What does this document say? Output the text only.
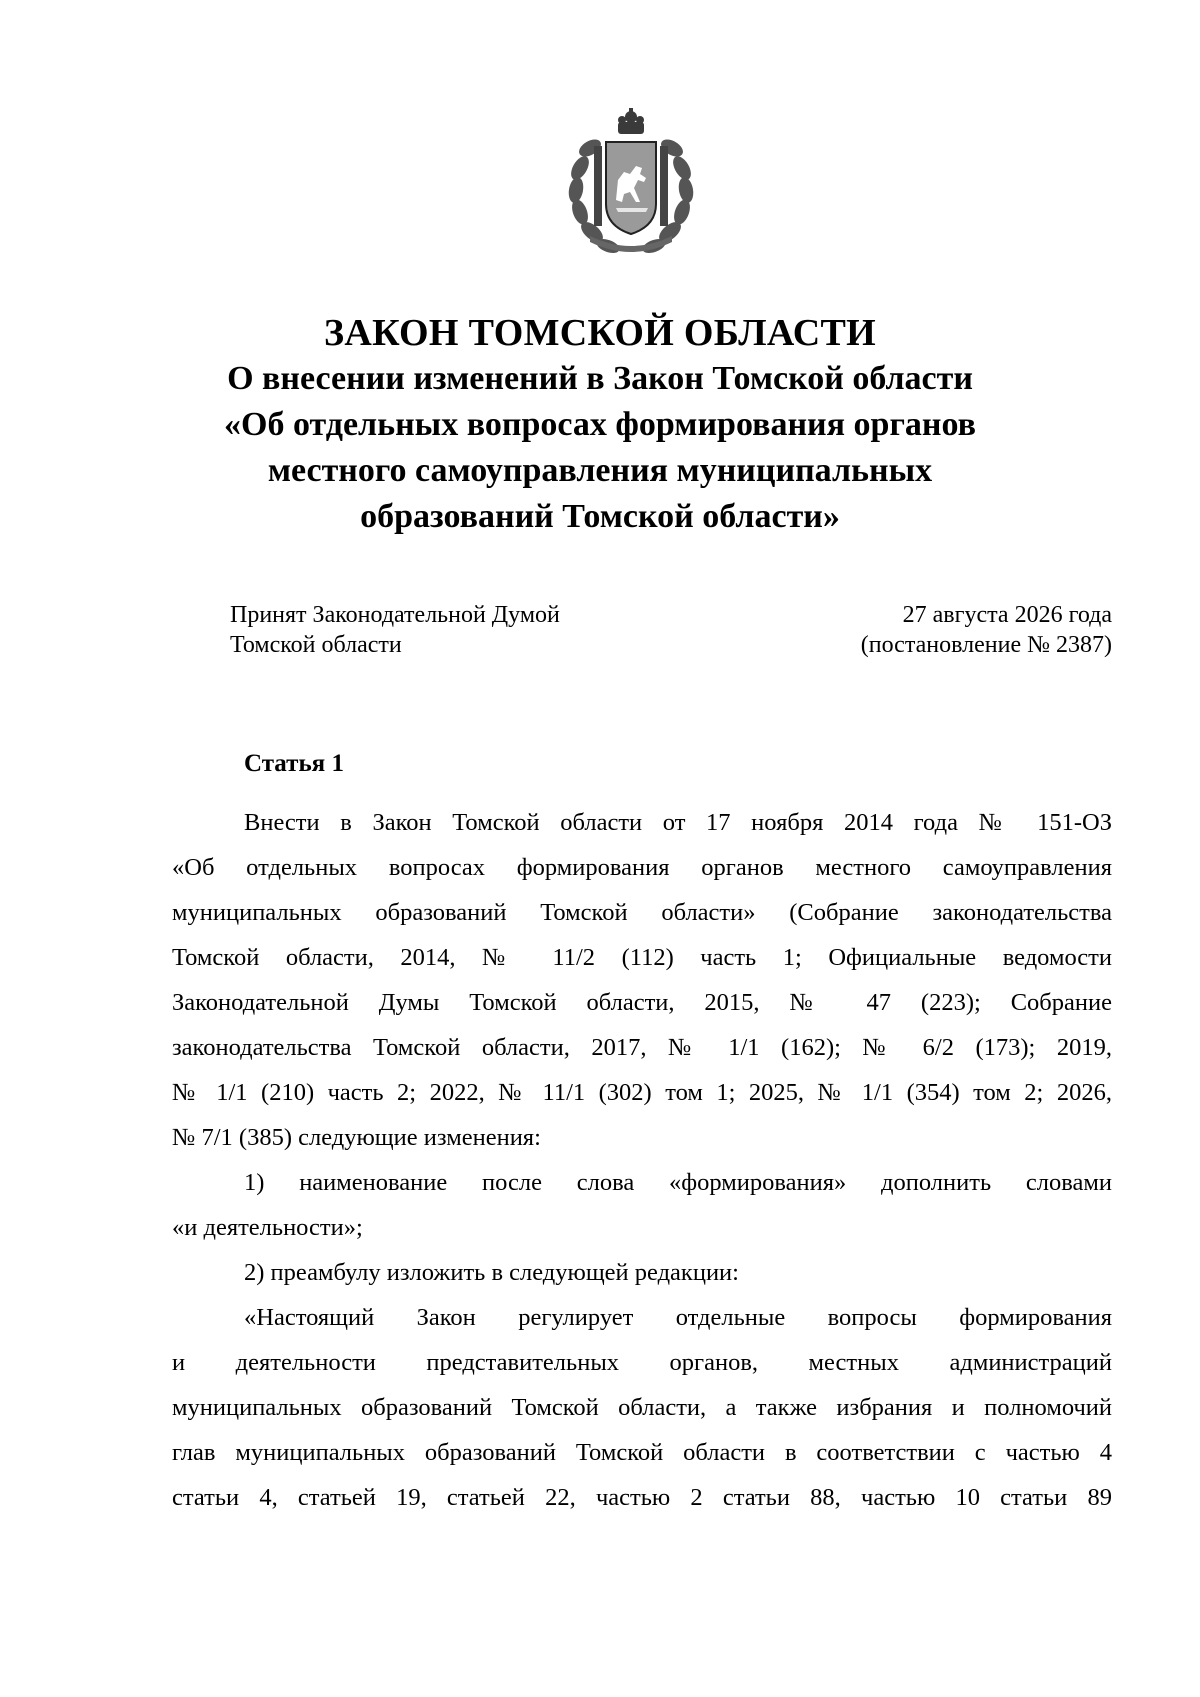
ЗАКОН ТОМСКОЙ ОБЛАСТИ
О внесении изменений в Закон Томской области
«Об отдельных вопросах формирования органов
местного самоуправления муниципальных
образований Томской области»
Принят Законодательной Думой
Томской области
27 августа 2026 года
(постановление № 2387)
Статья 1
Внести в Закон Томской области от 17 ноября 2014 года № 151-ОЗ
«Об отдельных вопросах формирования органов местного самоуправления
муниципальных образований Томской области» (Собрание законодательства
Томской области, 2014, № 11/2 (112) часть 1; Официальные ведомости
Законодательной Думы Томской области, 2015, № 47 (223); Собрание
законодательства Томской области, 2017, № 1/1 (162); № 6/2 (173); 2019,
№ 1/1 (210) часть 2; 2022, № 11/1 (302) том 1; 2025, № 1/1 (354) том 2; 2026,
№ 7/1 (385) следующие изменения:
1) наименование после слова «формирования» дополнить словами
«и деятельности»;
2) преамбулу изложить в следующей редакции:
«Настоящий Закон регулирует отдельные вопросы формирования
и деятельности представительных органов, местных администраций
муниципальных образований Томской области, а также избрания и полномочий
глав муниципальных образований Томской области в соответствии с частью 4
статьи 4, статьей 19, статьей 22, частью 2 статьи 88, частью 10 статьи 89
